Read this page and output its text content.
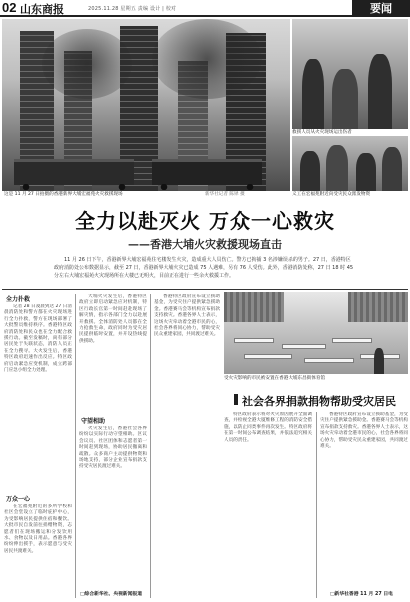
02 山东商报	2025.11.28 星期五 责编 设计 | 校对	要闻
这是 11 月 27 日拍摄的香港新界大埔宏福苑火灾救援现场	新华社记者 陈铎 摄
救援人员从火灾现场运出伤者
义工在宏福苑附近向受灾民众派发物资
全力以赴灭火 万众一心救灾
——香港大埔火灾救援现场直击

11 月 26 日下午，香港新界大埔宏福苑住宅楼发生火灾，造成重大人员伤亡。警方已拘捕 3 名涉嫌误杀的男子。27 日，香港特区政府消防处公布数据显示，截至 27 日，香港新界大埔火灾已造成 75 人遇难，另有 76 人受伤。此外，香港消防处称，27 日 18 时 45 分左右大埔宏福苑火灾现场所在大楼已无明火，目前正在进行一些余火救援工作。

全力扑救

记者 28 日凌晨到达 27 日清晨消防处和警方都在火灾现场进行全力扑救，警方在现场部署了大批警员维持秩序。香港特区政府消防处和民众也在全力配合救援行动。截至发稿时，尚有部分居民处于失联状态，消防人员正在全力搜寻。大火发生后，香港特区政府迅速作出反应。特区政府启动紧急应变机制，成立跨部门应急小组全力处理。

万众一心

在宏福苑附近的多所学校和社区会堂设立了临时庇护中心，为受影响居民提供住宿和餐饮。大批市民自发前往捐赠物资，志愿者们在现场搬运和分发饮用水、食物以及日用品。香港各界纷纷伸出援手，表示愿意与受灾居民共渡难关。

大埔火灾发生后，香港特区政府立即启动紧急应对机制，特区行政长官第一时间赶赴现场了解灾情，指示各部门全力以赴展开救援。全体消防处人员都在全力抢救生命，政府同时为受灾居民提供临时安置，并开设热线提供援助。

守望相助

火灾发生后，香港社会各界纷纷以实际行动守望相助。区议会议员、社区团体和志愿者第一时间赶到现场，协助居民撤离和疏散。众多商户主动提供物资和场地支持，部分企业宣布捐款支持受灾居民渡过难关。

□综合新华社、央视新闻报道

香港特区政府宣布设立援助基金，为受灾住户提供紧急援助金。香港赛马会等机构宣布捐款支持救灾。香港各界人士表示，这场火灾牵动着全港市民的心，社会各界将同心协力，帮助受灾民众重建家园，共同渡过难关。

受火灾影响的市民被安置在香港大埔东昌街体育馆
社会各界捐款捐物帮助受灾居民

特区政府表示将对火灾原因展开全面调查，并检视全港大厦维修工程的消防安全措施，以防止同类事件再次发生。特区政府将在第一时间公布调查结果，并依法追究相关人员的责任。

香港特区政府宣布设立援助基金，为受灾住户提供紧急援助金。香港赛马会等机构宣布捐款支持救灾。香港各界人士表示，这场火灾牵动着全港市民的心，社会各界将同心协力，帮助受灾民众重建家园，共同渡过难关。

□新华社香港 11 月 27 日电
